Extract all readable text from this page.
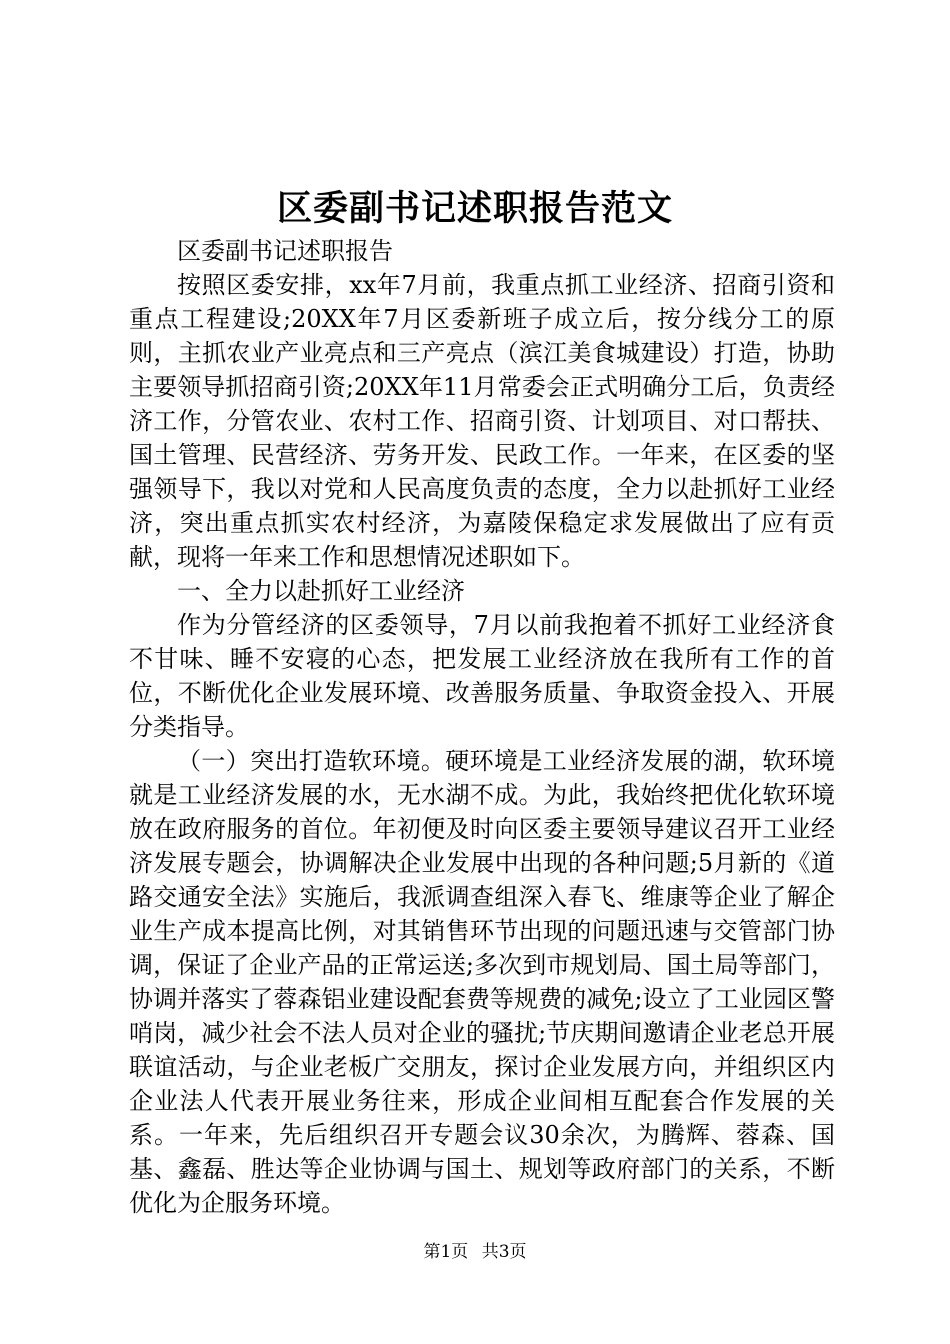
区委副书记述职报告范文

区委副书记述职报告

按照区委安排，xx年7月前，我重点抓工业经济、招商引资和重点工程建设;20XX年7月区委新班子成立后，按分线分工的原则，主抓农业产业亮点和三产亮点（滨江美食城建设）打造，协助主要领导抓招商引资;20XX年11月常委会正式明确分工后，负责经济工作，分管农业、农村工作、招商引资、计划项目、对口帮扶、国土管理、民营经济、劳务开发、民政工作。一年来，在区委的坚强领导下，我以对党和人民高度负责的态度，全力以赴抓好工业经济，突出重点抓实农村经济，为嘉陵保稳定求发展做出了应有贡献，现将一年来工作和思想情况述职如下。

一、全力以赴抓好工业经济

作为分管经济的区委领导，7月以前我抱着不抓好工业经济食不甘味、睡不安寝的心态，把发展工业经济放在我所有工作的首位，不断优化企业发展环境、改善服务质量、争取资金投入、开展分类指导。

（一）突出打造软环境。硬环境是工业经济发展的湖，软环境就是工业经济发展的水，无水湖不成。为此，我始终把优化软环境放在政府服务的首位。年初便及时向区委主要领导建议召开工业经济发展专题会，协调解决企业发展中出现的各种问题;5月新的《道路交通安全法》实施后，我派调查组深入春飞、维康等企业了解企业生产成本提高比例，对其销售环节出现的问题迅速与交管部门协调，保证了企业产品的正常运送;多次到市规划局、国土局等部门，协调并落实了蓉森铝业建设配套费等规费的减免;设立了工业园区警哨岗，减少社会不法人员对企业的骚扰;节庆期间邀请企业老总开展联谊活动，与企业老板广交朋友，探讨企业发展方向，并组织区内企业法人代表开展业务往来，形成企业间相互配套合作发展的关系。一年来，先后组织召开专题会议30余次，为腾辉、蓉森、国基、鑫磊、胜达等企业协调与国土、规划等政府部门的关系，不断优化为企服务环境。

第1页 共3页
